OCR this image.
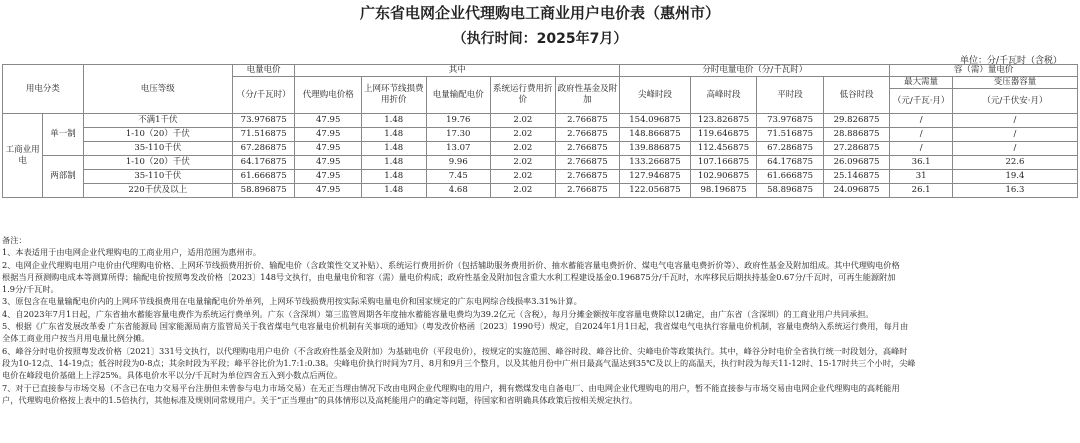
广东省电网企业代理购电工商业用户电价表（惠州市）
（执行时间：2025年7月）
单位：分/千瓦时（含税）
用电分类		电压等级	电量电价	其中					分时电量电价（分/千瓦时）				容（需）量电价	
			（分/千瓦时）	代理购电价格	上网环节线损费用折价	电量输配电价	系统运行费用折价	政府性基金及附加	尖峰时段	高峰时段	平时段	低谷时段	最大需量	变压器容量
													（元/千瓦·月）	（元/千伏安·月）
工商业用电	单一制	不满1千伏	73.976875	47.95	1.48	19.76	2.02	2.766875	154.096875	123.826875	73.976875	29.826875	/	/
		1-10（20）千伏	71.516875	47.95	1.48	17.30	2.02	2.766875	148.866875	119.646875	71.516875	28.886875	/	/
		35-110千伏	67.286875	47.95	1.48	13.07	2.02	2.766875	139.886875	112.456875	67.286875	27.286875	/	/
	两部制	1-10（20）千伏	64.176875	47.95	1.48	9.96	2.02	2.766875	133.266875	107.166875	64.176875	26.096875	36.1	22.6
		35-110千伏	61.666875	47.95	1.48	7.45	2.02	2.766875	127.946875	102.906875	61.666875	25.146875	31	19.4
		220千伏及以上	58.896875	47.95	1.48	4.68	2.02	2.766875	122.056875	98.196875	58.896875	24.096875	26.1	16.3

备注：

1、本表适用于由电网企业代理购电的工商业用户，适用范围为惠州市。

2、电网企业代理购电用户电价由代理购电价格、上网环节线损费用折价、输配电价（含政策性交叉补贴）、系统运行费用折价（包括辅助服务费用折价、抽水蓄能容量电费折价、煤电气电容量电费折价等）、政府性基金及附加组成。其中代理购电价格

根据当月预测购电成本等测算所得；输配电价按照粤发改价格〔2023〕148号文执行，由电量电价和容（需）量电价构成；政府性基金及附加包含重大水利工程建设基金0.196875分/千瓦时，水库移民后期扶持基金0.67分/千瓦时，可再生能源附加

1.9分/千瓦时。

3、原包含在电量输配电价内的上网环节线损费用在电量输配电价外单列，上网环节线损费用按实际采购电量电价和国家规定的广东电网综合线损率3.31%计算。

4、自2023年7月1日起，广东省抽水蓄能容量电费作为系统运行费单列。广东（含深圳）第三监管周期各年度抽水蓄能容量电费均为39.2亿元（含税），每月分摊金额按年度容量电费除以12确定，由广东省（含深圳）的工商业用户共同承担。

5、根据《广东省发展改革委 广东省能源局 国家能源局南方监管局关于我省煤电气电容量电价机制有关事项的通知》（粤发改价格函〔2023〕1990号）规定，自2024年1月1日起，我省煤电气电执行容量电价机制，容量电费纳入系统运行费用，每月由

全体工商业用户按当月用电量比例分摊。

6、峰谷分时电价按照粤发改价格〔2021〕331号文执行，以代理购电用户电价（不含政府性基金及附加）为基础电价（平段电价），按规定的实施范围、峰谷时段、峰谷比价、尖峰电价等政策执行。其中，峰谷分时电价全省执行统一时段划分，高峰时

段为10-12点、14-19点；低谷时段为0-8点；其余时段为平段；峰平谷比价为1.7:1:0.38。尖峰电价执行时间为7月、8月和9月三个整月，以及其他月份中广州日最高气温达到35℃及以上的高温天，执行时段为每天11-12时、15-17时共三个小时，尖峰

电价在峰段电价基础上上浮25%。具体电价水平以分/千瓦时为单位四舍五入到小数点后两位。

7、对于已直接参与市场交易（不含已在电力交易平台注册但未曾参与电力市场交易）在无正当理由情况下改由电网企业代理购电的用户，拥有燃煤发电自备电厂、由电网企业代理购电的用户，暂不能直接参与市场交易由电网企业代理购电的高耗能用

户，代理购电价格按上表中的1.5倍执行，其他标准及规则同常规用户。关于“正当理由”的具体情形以及高耗能用户的确定等问题，待国家和省明确具体政策后按相关规定执行。
